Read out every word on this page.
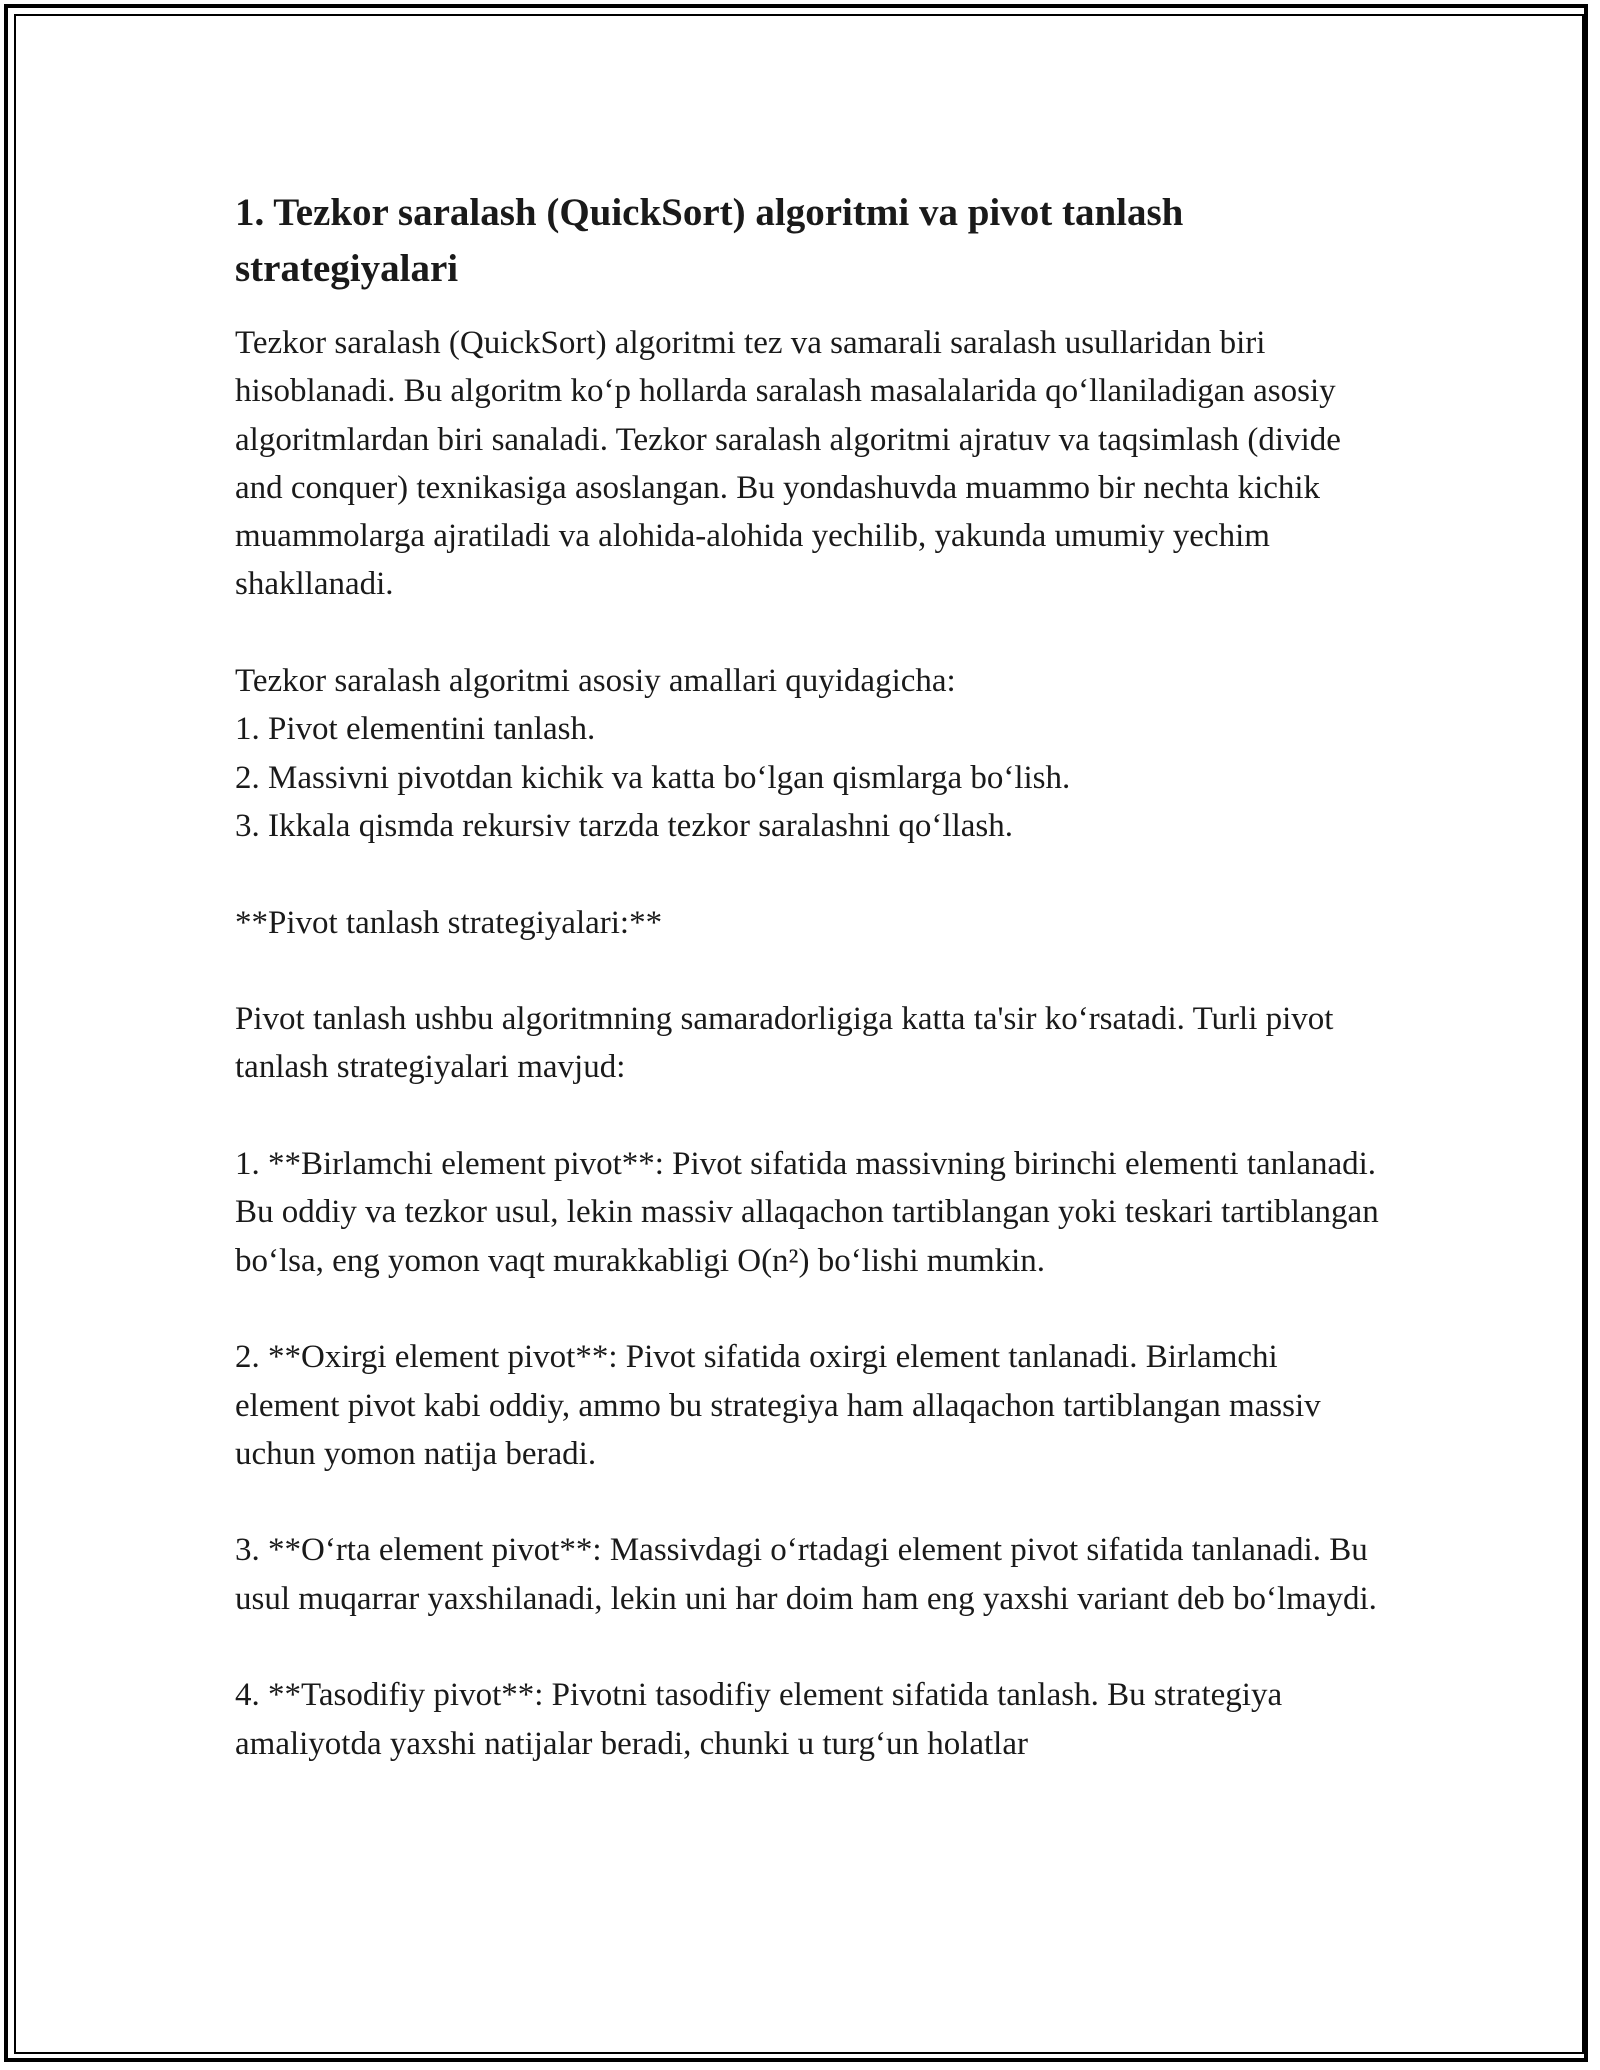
1. Tezkor saralash (QuickSort) algoritmi va pivot tanlash strategiyalari

Tezkor saralash (QuickSort) algoritmi tez va samarali saralash usullaridan biri hisoblanadi. Bu algoritm ko‘p hollarda saralash masalalarida qo‘llaniladigan asosiy algoritmlardan biri sanaladi. Tezkor saralash algoritmi ajratuv va taqsimlash (divide and conquer) texnikasiga asoslangan. Bu yondashuvda muammo bir nechta kichik muammolarga ajratiladi va alohida-alohida yechilib, yakunda umumiy yechim shakllanadi.

Tezkor saralash algoritmi asosiy amallari quyidagicha:
1. Pivot elementini tanlash.
2. Massivni pivotdan kichik va katta bo‘lgan qismlarga bo‘lish.
3. Ikkala qismda rekursiv tarzda tezkor saralashni qo‘llash.

**Pivot tanlash strategiyalari:**

Pivot tanlash ushbu algoritmning samaradorligiga katta ta'sir ko‘rsatadi. Turli pivot tanlash strategiyalari mavjud:

1. **Birlamchi element pivot**: Pivot sifatida massivning birinchi elementi tanlanadi. Bu oddiy va tezkor usul, lekin massiv allaqachon tartiblangan yoki teskari tartiblangan bo‘lsa, eng yomon vaqt murakkabligi O(n²) bo‘lishi mumkin.

2. **Oxirgi element pivot**: Pivot sifatida oxirgi element tanlanadi. Birlamchi element pivot kabi oddiy, ammo bu strategiya ham allaqachon tartiblangan massiv uchun yomon natija beradi.

3. **O‘rta element pivot**: Massivdagi o‘rtadagi element pivot sifatida tanlanadi. Bu usul muqarrar yaxshilanadi, lekin uni har doim ham eng yaxshi variant deb bo‘lmaydi.

4. **Tasodifiy pivot**: Pivotni tasodifiy element sifatida tanlash. Bu strategiya amaliyotda yaxshi natijalar beradi, chunki u turg‘un holatlar
